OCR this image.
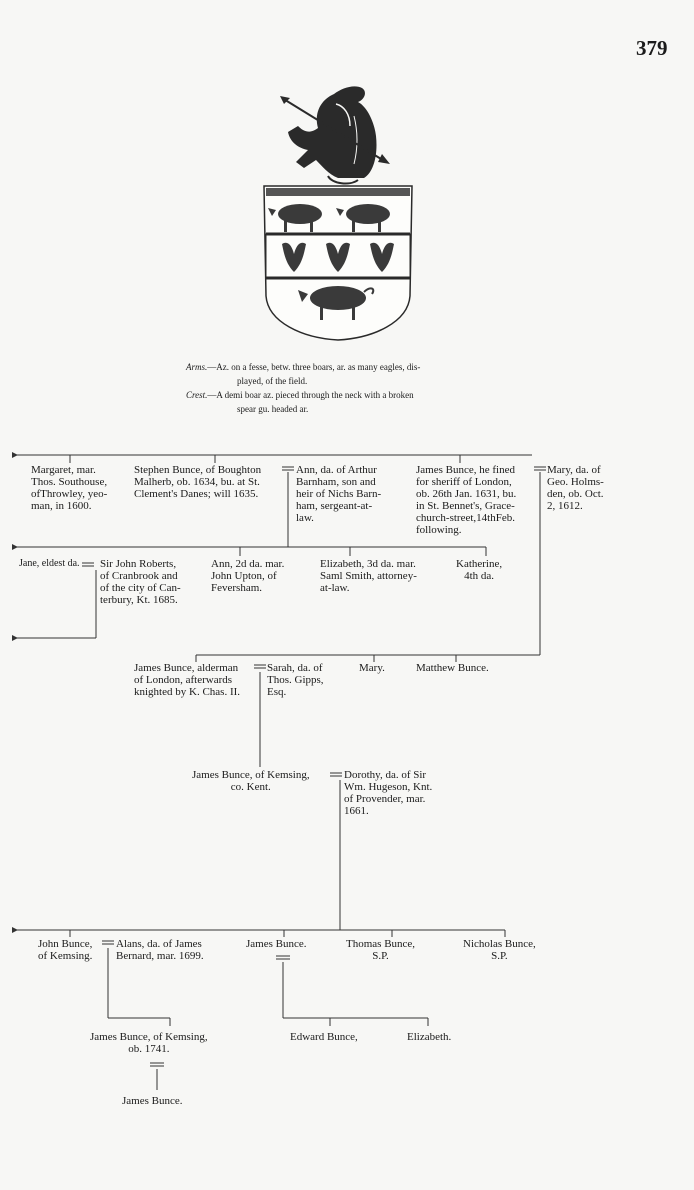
379
Arms.—Az. on a fesse, betw. three boars, ar. as many eagles, dis-
played, of the field.
Crest.—A demi boar az. pieced through the neck with a broken
spear gu. headed ar.
Margaret, mar.
Thos. Southouse,
ofThrowley, yeo-
man, in 1600.
Stephen Bunce, of Boughton
Malherb, ob. 1634, bu. at St.
Clement's Danes; will 1635.
Ann, da. of Arthur
Barnham, son and
heir of Nichs Barn-
ham, sergeant-at-
law.
James Bunce, he fined
for sheriff of London,
ob. 26th Jan. 1631, bu.
in St. Bennet's, Grace-
church-street,14thFeb.
following.
Mary, da. of
Geo. Holms-
den, ob. Oct.
2, 1612.
Jane, eldest da. Sir John Roberts,
of Cranbrook and
of the city of Can-
terbury, Kt. 1685.
Ann, 2d da. mar.
John Upton, of
Feversham.
Elizabeth, 3d da. mar.
Saml Smith, attorney-
at-law.
Katherine,
4th da.
James Bunce, alderman
of London, afterwards
knighted by K. Chas. II.
Sarah, da. of
Thos. Gipps,
Esq.
Mary.	Matthew Bunce.
James Bunce, of Kemsing,
co. Kent.
Dorothy, da. of Sir
Wm. Hugeson, Knt.
of Provender, mar.
1661.
John Bunce,
of Kemsing.
Alans, da. of James
Bernard, mar. 1699.
James Bunce.	Thomas Bunce,
S.P.
Nicholas Bunce,
S.P.
James Bunce, of Kemsing,
ob. 1741.
Edward Bunce,	Elizabeth.
James Bunce.
